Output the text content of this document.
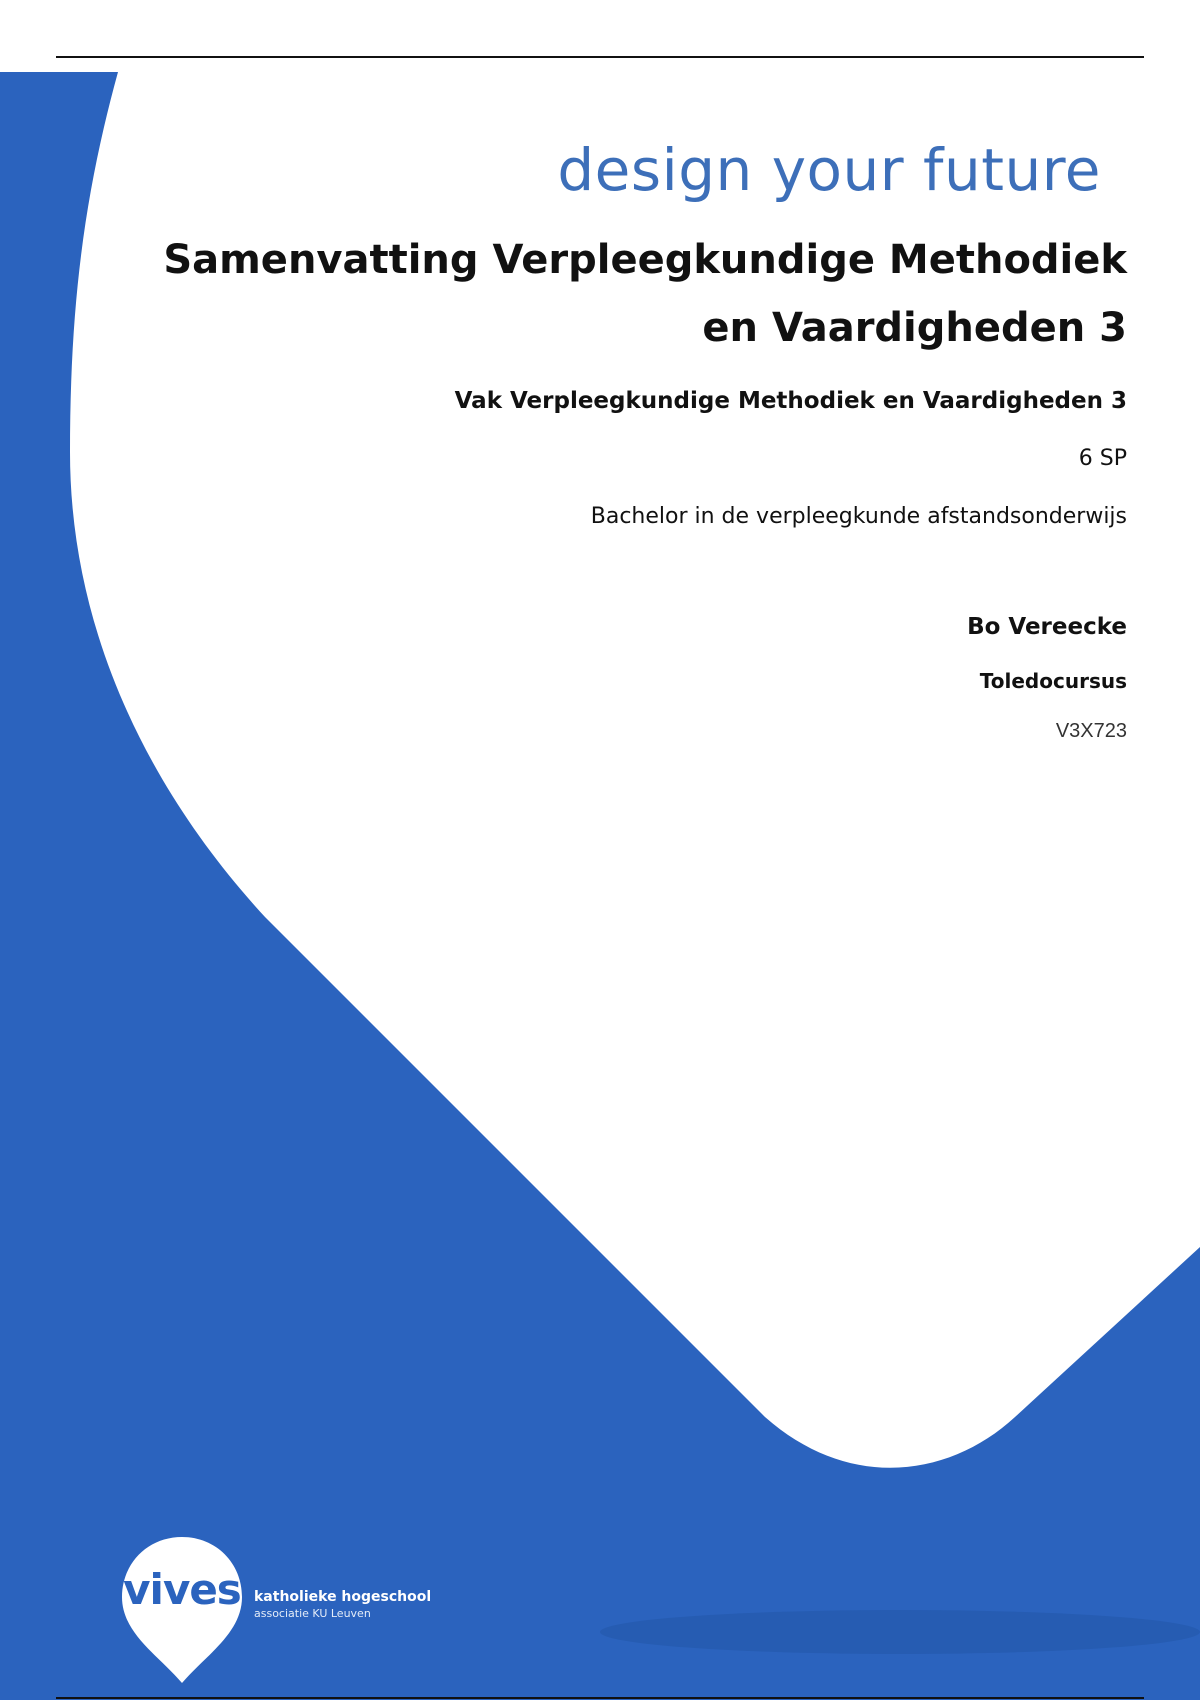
design your future
Samenvatting Verpleegkundige Methodiek en Vaardigheden 3
Vak Verpleegkundige Methodiek en Vaardigheden 3
6 SP
Bachelor in de verpleegkunde afstandsonderwijs
Bo Vereecke
Toledocursus
V3X723
vives katholieke hogeschool
associatie KU Leuven
